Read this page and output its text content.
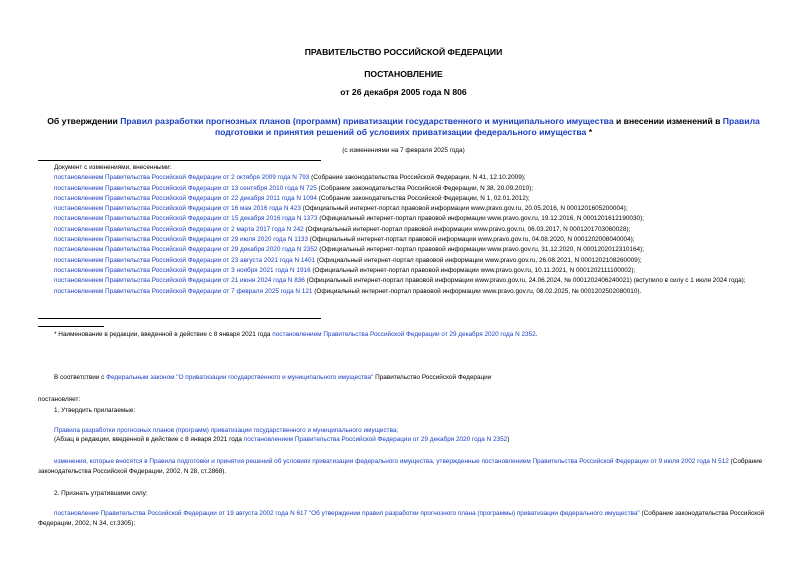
ПРАВИТЕЛЬСТВО РОССИЙСКОЙ ФЕДЕРАЦИИ
ПОСТАНОВЛЕНИЕ
от 26 декабря 2005 года N 806
Об утверждении Правил разработки прогнозных планов (программ) приватизации государственного и муниципального имущества и внесении изменений в Правила подготовки и принятия решений об условиях приватизации федерального имущества *
(с изменениями на 7 февраля 2025 года)
Документ с изменениями, внесенными:
постановлением Правительства Российской Федерации от 2 октября 2009 года N 793 (Собрание законодательства Российской Федерации, N 41, 12.10.2009);
постановлением Правительства Российской Федерации от 13 сентября 2010 года N 725 (Собрание законодательства Российской Федерации, N 38, 20.09.2010);
постановлением Правительства Российской Федерации от 22 декабря 2011 года N 1094 (Собрание законодательства Российской Федерации, N 1, 02.01.2012);
постановлением Правительства Российской Федерации от 16 мая 2016 года N 423 (Официальный интернет-портал правовой информации www.pravo.gov.ru, 20.05.2016, N 0001201605200004);
постановлением Правительства Российской Федерации от 15 декабря 2016 года N 1373 (Официальный интернет-портал правовой информации www.pravo.gov.ru, 19.12.2016, N 0001201612190030);
постановлением Правительства Российской Федерации от 2 марта 2017 года N 242 (Официальный интернет-портал правовой информации www.pravo.gov.ru, 06.03.2017, N 0001201703060028);
постановлением Правительства Российской Федерации от 29 июля 2020 года N 1133 (Официальный интернет-портал правовой информации www.pravo.gov.ru, 04.08.2020, N 0001202008040004);
постановлением Правительства Российской Федерации от 29 декабря 2020 года N 2352 (Официальный интернет-портал правовой информации www.pravo.gov.ru, 31.12.2020, N 0001202012310164);
постановлением Правительства Российской Федерации от 23 августа 2021 года N 1401 (Официальный интернет-портал правовой информации www.pravo.gov.ru, 26.08.2021, N 0001202108260009);
постановлением Правительства Российской Федерации от 3 ноября 2021 года N 1916 (Официальный интернет-портал правовой информации www.pravo.gov.ru, 10.11.2021, N 0001202111100002);
постановлением Правительства Российской Федерации от 21 июня 2024 года N 836 (Официальный интернет-портал правовой информации www.pravo.gov.ru, 24.06.2024, № 0001202406240021) (вступило в силу с 1 июля 2024 года);
постановлением Правительства Российской Федерации от 7 февраля 2025 года N 121 (Официальный интернет-портал правовой информации www.pravo.gov.ru, 08.02.2025, № 0001202502080010).
* Наименование в редакции, введенной в действие с 8 января 2021 года постановлением Правительства Российской Федерации от 29 декабря 2020 года N 2352.
В соответствии с Федеральным законом "О приватизации государственного и муниципального имущества" Правительство Российской Федерации
постановляет:
1. Утвердить прилагаемые:
Правила разработки прогнозных планов (программ) приватизации государственного и муниципального имущества;
(Абзац в редакции, введенной в действие с 8 января 2021 года постановлением Правительства Российской Федерации от 29 декабря 2020 года N 2352)
изменения, которые вносятся в Правила подготовки и принятия решений об условиях приватизации федерального имущества, утвержденные постановлением Правительства Российской Федерации от 9 июля 2002 года N 512 (Собрание законодательства Российской Федерации, 2002, N 28, ст.2868).
2. Признать утратившими силу:
постановление Правительства Российской Федерации от 19 августа 2002 года N 617 "Об утверждении правил разработки прогнозного плана (программы) приватизации федерального имущества" (Собрание законодательства Российской Федерации, 2002, N 34, ст.3305);
